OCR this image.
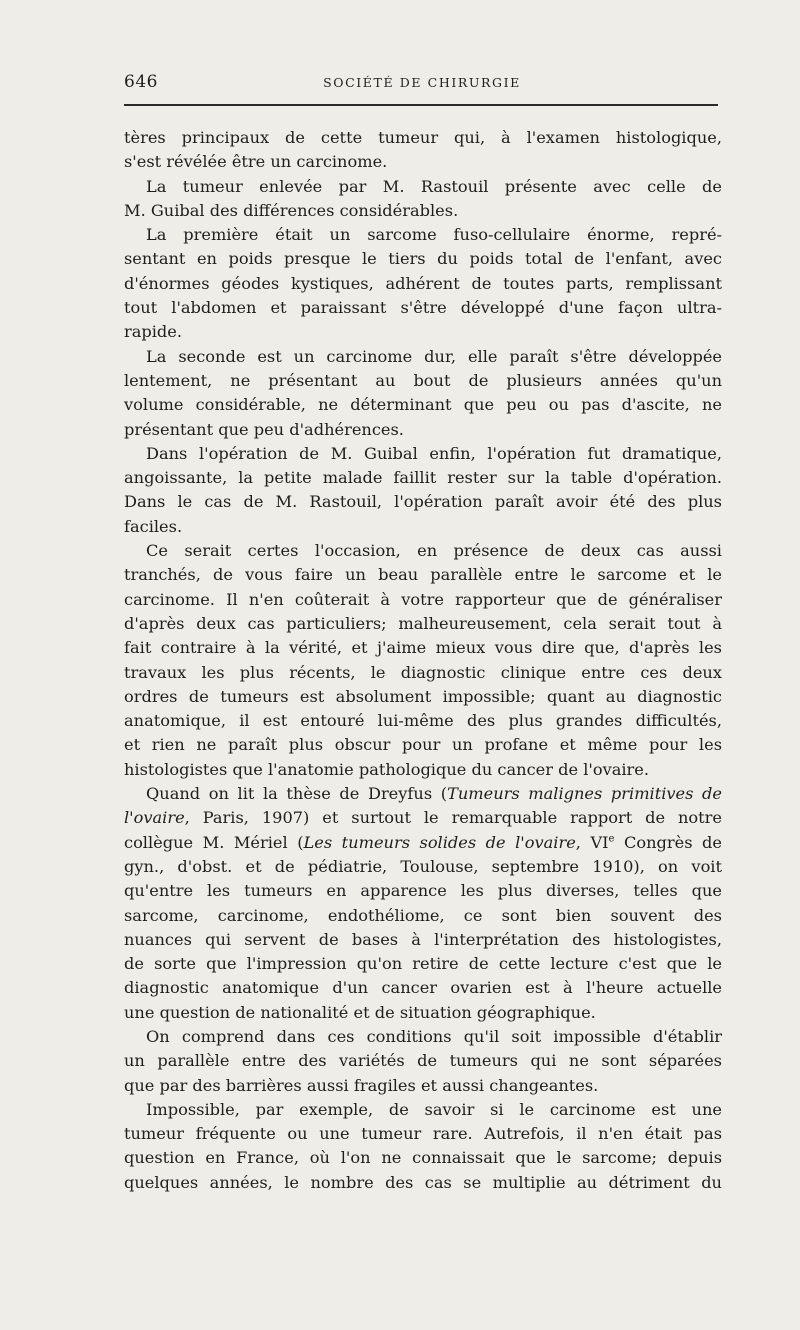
646	SOCIÉTÉ DE CHIRURGIE
tères principaux de cette tumeur qui, à l'examen histologique,
s'est révélée être un carcinome.
La tumeur enlevée par M. Rastouil présente avec celle de
M. Guibal des différences considérables.
La première était un sarcome fuso-cellulaire énorme, repré-
sentant en poids presque le tiers du poids total de l'enfant, avec
d'énormes géodes kystiques, adhérent de toutes parts, remplissant
tout l'abdomen et paraissant s'être développé d'une façon ultra-
rapide.
La seconde est un carcinome dur, elle paraît s'être développée
lentement, ne présentant au bout de plusieurs années qu'un
volume considérable, ne déterminant que peu ou pas d'ascite, ne
présentant que peu d'adhérences.
Dans l'opération de M. Guibal enfin, l'opération fut dramatique,
angoissante, la petite malade faillit rester sur la table d'opération.
Dans le cas de M. Rastouil, l'opération paraît avoir été des plus
faciles.
Ce serait certes l'occasion, en présence de deux cas aussi
tranchés, de vous faire un beau parallèle entre le sarcome et le
carcinome. Il n'en coûterait à votre rapporteur que de généraliser
d'après deux cas particuliers; malheureusement, cela serait tout à
fait contraire à la vérité, et j'aime mieux vous dire que, d'après les
travaux les plus récents, le diagnostic clinique entre ces deux
ordres de tumeurs est absolument impossible; quant au diagnostic
anatomique, il est entouré lui-même des plus grandes difficultés,
et rien ne paraît plus obscur pour un profane et même pour les
histologistes que l'anatomie pathologique du cancer de l'ovaire.
Quand on lit la thèse de Dreyfus (Tumeurs malignes primitives de
l'ovaire, Paris, 1907) et surtout le remarquable rapport de notre
collègue M. Mériel (Les tumeurs solides de l'ovaire, VIe Congrès de
gyn., d'obst. et de pédiatrie, Toulouse, septembre 1910), on voit
qu'entre les tumeurs en apparence les plus diverses, telles que
sarcome, carcinome, endothéliome, ce sont bien souvent des
nuances qui servent de bases à l'interprétation des histologistes,
de sorte que l'impression qu'on retire de cette lecture c'est que le
diagnostic anatomique d'un cancer ovarien est à l'heure actuelle
une question de nationalité et de situation géographique.
On comprend dans ces conditions qu'il soit impossible d'établir
un parallèle entre des variétés de tumeurs qui ne sont séparées
que par des barrières aussi fragiles et aussi changeantes.
Impossible, par exemple, de savoir si le carcinome est une
tumeur fréquente ou une tumeur rare. Autrefois, il n'en était pas
question en France, où l'on ne connaissait que le sarcome; depuis
quelques années, le nombre des cas se multiplie au détriment du
